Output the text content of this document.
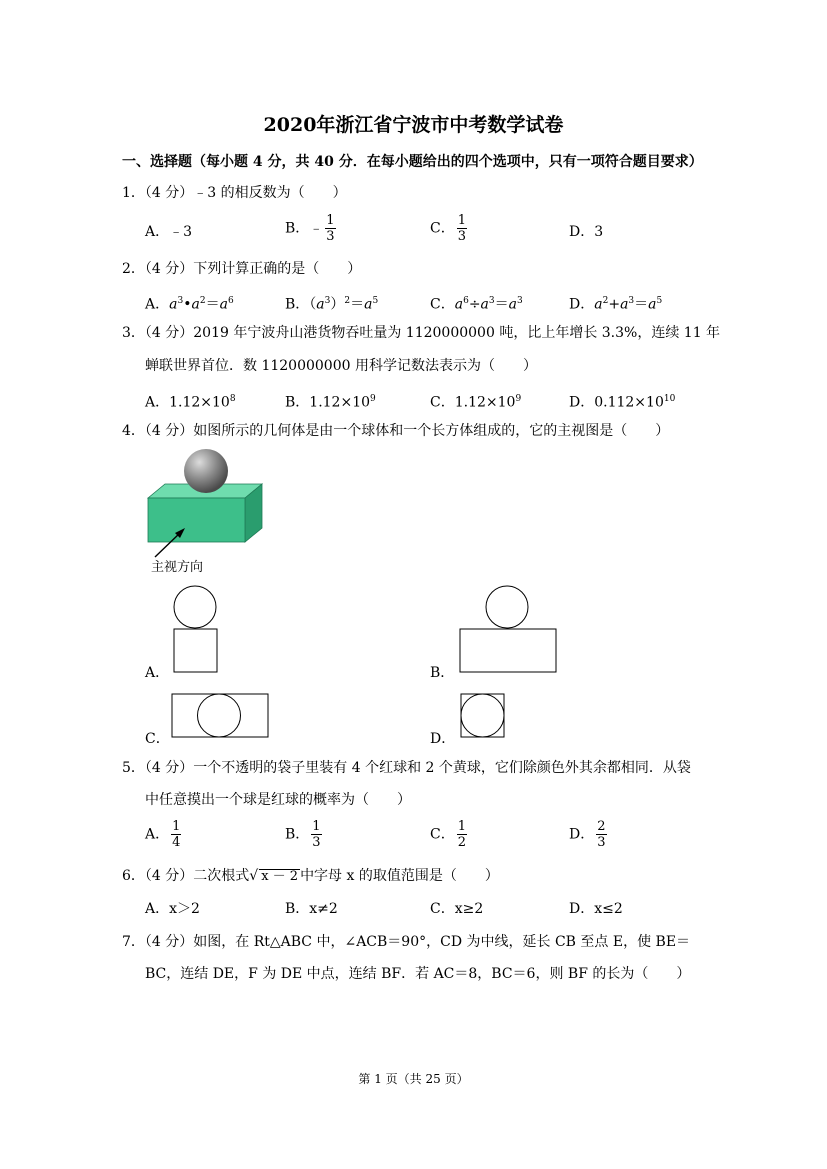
2020年浙江省宁波市中考数学试卷
一、选择题（每小题 4 分，共 40 分．在每小题给出的四个选项中，只有一项符合题目要求）
1．（4 分）﹣3 的相反数为（　　）
A．﹣3	B．﹣ $\frac{1}{3}$	C． $\frac{1}{3}$	D．3
2．（4 分）下列计算正确的是（　　）
A．$a^3•a^2=a^6$	B．$(a^3)^2=a^5$	C．$a^6\div a^3=a^3$	D．$a^2+a^3=a^5$
3．（4 分）2019 年宁波舟山港货物吞吐量为 1120000000 吨，比上年增长 3.3%，连续 11 年
蝉联世界首位．数 1120000000 用科学记数法表示为（　　）
A．$1.12\times 10^8$	B．$1.12\times 10^9$	C．$1.12\times 10^9$	D．$0.112\times 10^{10}$
4．（4 分）如图所示的几何体是由一个球体和一个长方体组成的，它的主视图是（　　）
主视方向
A．	B．
C．	D．
5．（4 分）一个不透明的袋子里装有 4 个红球和 2 个黄球，它们除颜色外其余都相同．从袋
中任意摸出一个球是红球的概率为（　　）
A． $\frac{1}{4}$	B． $\frac{1}{3}$	C． $\frac{1}{2}$	D． $\frac{2}{3}$
6．（4 分）二次根式√ x － 2 中字母 x 的取值范围是（　　）
A．x＞2	B．x≠2	C．x≥2	D．x≤2
7．（4 分）如图，在 Rt△ABC 中，∠ACB＝90°，CD 为中线，延长 CB 至点 E，使 BE＝
BC，连结 DE，F 为 DE 中点，连结 BF．若 AC＝8，BC＝6，则 BF 的长为（　　）
第 1 页（共 25 页）
